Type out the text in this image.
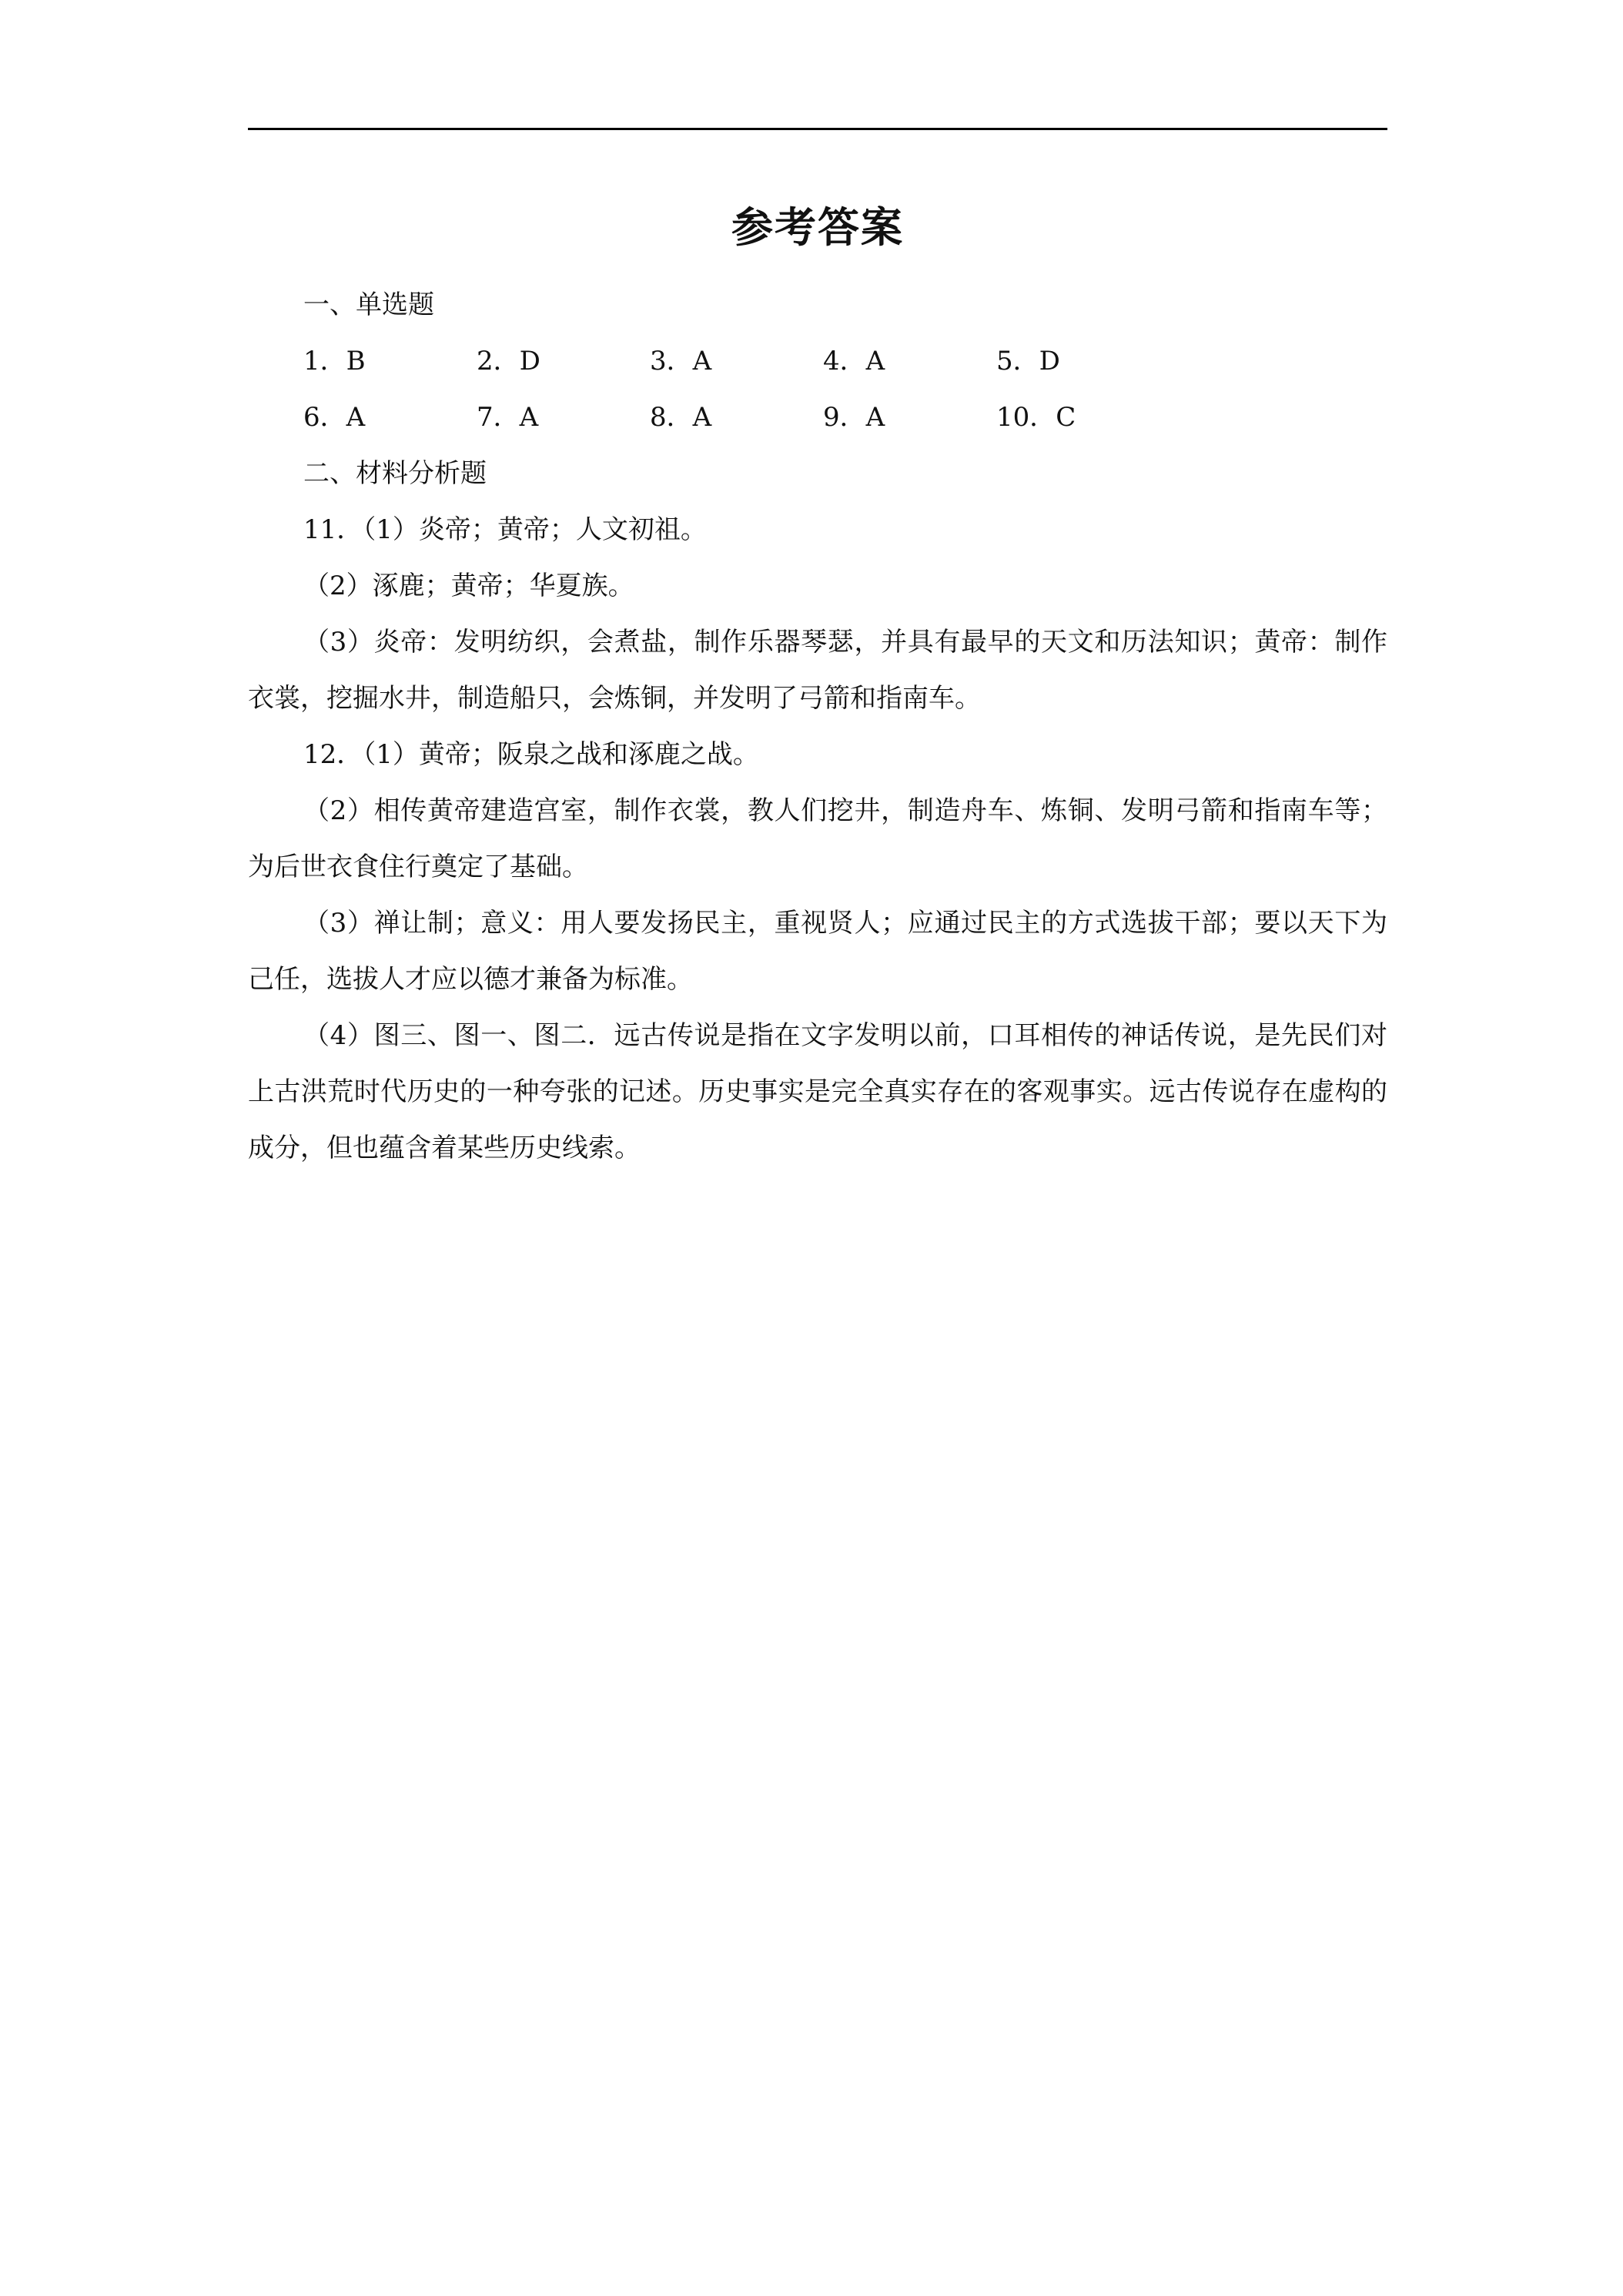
参考答案

一、单选题

1．B	2．D	3．A	4．A	5．D
6．A	7．A	8．A	9．A	10．C

二、材料分析题

11．（1）炎帝；黄帝；人文初祖。

（2）涿鹿；黄帝；华夏族。

（3）炎帝：发明纺织，会煮盐，制作乐器琴瑟，并具有最早的天文和历法知识；黄帝：制作衣裳，挖掘水井，制造船只，会炼铜，并发明了弓箭和指南车。

12．（1）黄帝；阪泉之战和涿鹿之战。

（2）相传黄帝建造宫室，制作衣裳，教人们挖井，制造舟车、炼铜、发明弓箭和指南车等；为后世衣食住行奠定了基础。

（3）禅让制；意义：用人要发扬民主，重视贤人；应通过民主的方式选拔干部；要以天下为己任，选拔人才应以德才兼备为标准。

（4）图三、图一、图二．远古传说是指在文字发明以前，口耳相传的神话传说，是先民们对上古洪荒时代历史的一种夸张的记述。历史事实是完全真实存在的客观事实。远古传说存在虚构的成分，但也蕴含着某些历史线索。
